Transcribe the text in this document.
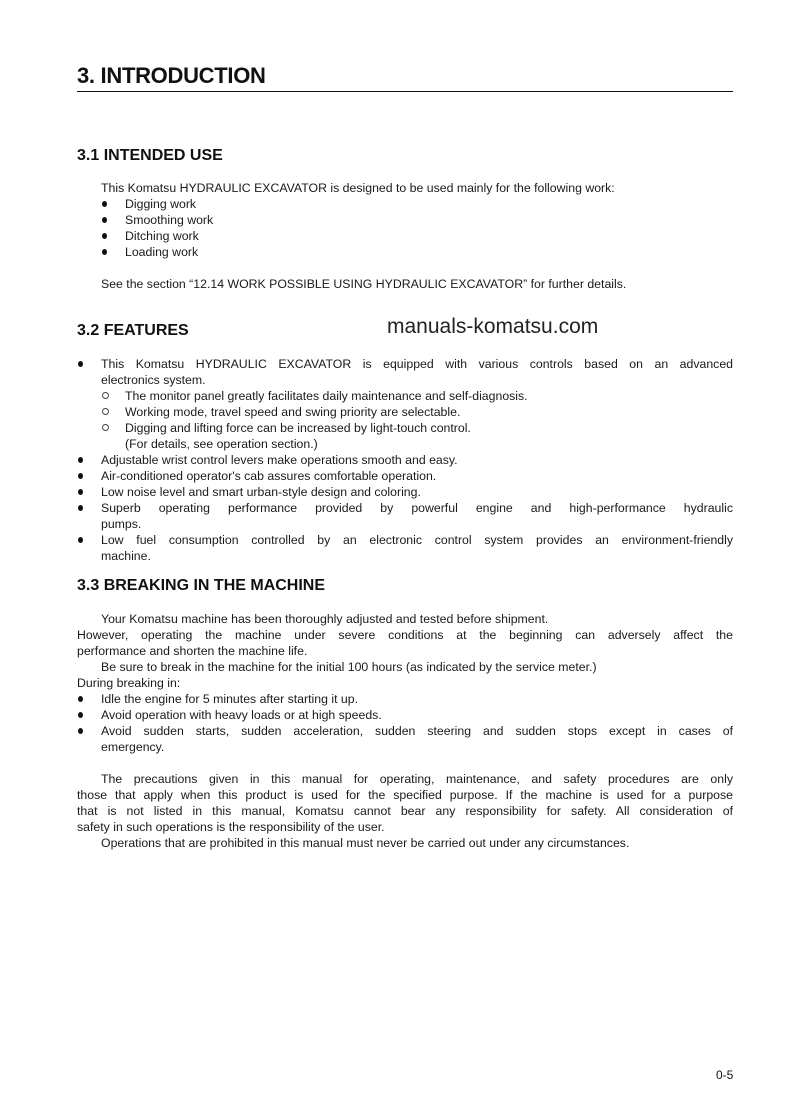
3. INTRODUCTION
3.1 INTENDED USE
This Komatsu HYDRAULIC EXCAVATOR is designed to be used mainly for the following work:
Digging work
Smoothing work
Ditching work
Loading work
See the section “12.14 WORK POSSIBLE USING HYDRAULIC EXCAVATOR” for further details.
3.2 FEATURES	manuals-komatsu.com
This Komatsu HYDRAULIC EXCAVATOR is equipped with various controls based on an advanced
electronics system.
The monitor panel greatly facilitates daily maintenance and self-diagnosis.
Working mode, travel speed and swing priority are selectable.
Digging and lifting force can be increased by light-touch control.
(For details, see operation section.)
Adjustable wrist control levers make operations smooth and easy.
Air-conditioned operator's cab assures comfortable operation.
Low noise level and smart urban-style design and coloring.
Superb operating performance provided by powerful engine and high-performance hydraulic
pumps.
Low fuel consumption controlled by an electronic control system provides an environment-friendly
machine.
3.3 BREAKING IN THE MACHINE
Your Komatsu machine has been thoroughly adjusted and tested before shipment.
However, operating the machine under severe conditions at the beginning can adversely affect the
performance and shorten the machine life.
Be sure to break in the machine for the initial 100 hours (as indicated by the service meter.)
During breaking in:
Idle the engine for 5 minutes after starting it up.
Avoid operation with heavy loads or at high speeds.
Avoid sudden starts, sudden acceleration, sudden steering and sudden stops except in cases of
emergency.
The precautions given in this manual for operating, maintenance, and safety procedures are only
those that apply when this product is used for the specified purpose. If the machine is used for a purpose
that is not listed in this manual, Komatsu cannot bear any responsibility for safety. All consideration of
safety in such operations is the responsibility of the user.
Operations that are prohibited in this manual must never be carried out under any circumstances.
0-5
